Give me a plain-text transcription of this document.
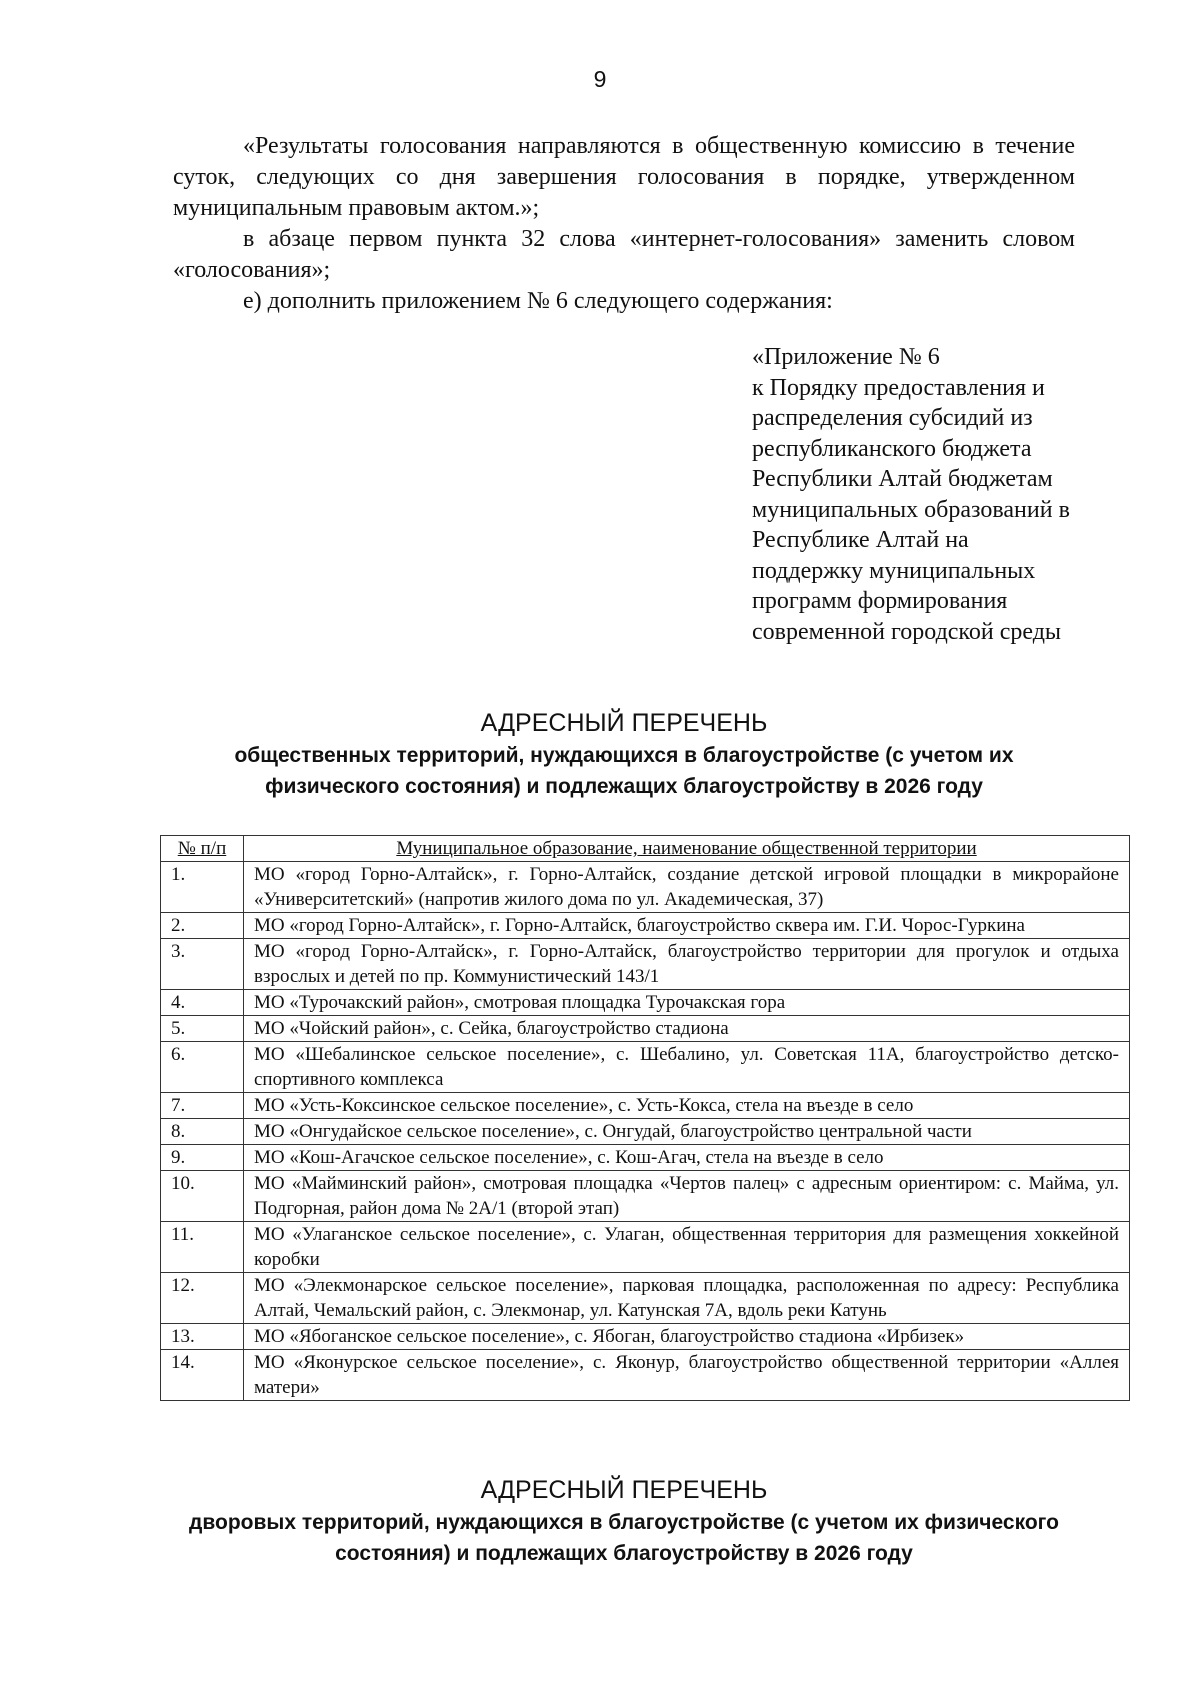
9

«Результаты голосования направляются в общественную комиссию в течение суток, следующих со дня завершения голосования в порядке, утвержденном муниципальным правовым актом.»;

в абзаце первом пункта 32 слова «интернет-голосования» заменить словом «голосования»;

е) дополнить приложением № 6 следующего содержания:

«Приложение № 6
к Порядку предоставления и
распределения субсидий из
республиканского бюджета
Республики Алтай бюджетам
муниципальных образований в
Республике Алтай на
поддержку муниципальных
программ формирования
современной городской среды
АДРЕСНЫЙ ПЕРЕЧЕНЬ
общественных территорий, нуждающихся в благоустройстве (с учетом их
физического состояния) и подлежащих благоустройству в 2026 году
№ п/п	Муниципальное образование, наименование общественной территории
1.	МО «город Горно-Алтайск», г. Горно-Алтайск, создание детской игровой площадки в микрорайоне «Университетский» (напротив жилого дома по ул. Академическая, 37)
2.	МО «город Горно-Алтайск», г. Горно-Алтайск, благоустройство сквера им. Г.И. Чорос-Гуркина
3.	МО «город Горно-Алтайск», г. Горно-Алтайск, благоустройство территории для прогулок и отдыха взрослых и детей по пр. Коммунистический 143/1
4.	МО «Турочакский район», смотровая площадка Турочакская гора
5.	МО «Чойский район», с. Сейка, благоустройство стадиона
6.	МО «Шебалинское сельское поселение», с. Шебалино, ул. Советская 11А, благоустройство детско-спортивного комплекса
7.	МО «Усть-Коксинское сельское поселение», с. Усть-Кокса, стела на въезде в село
8.	МО «Онгудайское сельское поселение», с. Онгудай, благоустройство центральной части
9.	МО «Кош-Агачское сельское поселение», с. Кош-Агач, стела на въезде в село
10.	МО «Майминский район», смотровая площадка «Чертов палец» с адресным ориентиром: с. Майма, ул. Подгорная, район дома № 2А/1 (второй этап)
11.	МО «Улаганское сельское поселение», с. Улаган, общественная территория для размещения хоккейной коробки
12.	МО «Элекмонарское сельское поселение», парковая площадка, расположенная по адресу: Республика Алтай, Чемальский район, с. Элекмонар, ул. Катунская 7А, вдоль реки Катунь
13.	МО «Ябоганское сельское поселение», с. Ябоган, благоустройство стадиона «Ирбизек»
14.	МО «Яконурское сельское поселение», с. Яконур, благоустройство общественной территории «Аллея матери»
АДРЕСНЫЙ ПЕРЕЧЕНЬ
дворовых территорий, нуждающихся в благоустройстве (с учетом их физического
состояния) и подлежащих благоустройству в 2026 году
